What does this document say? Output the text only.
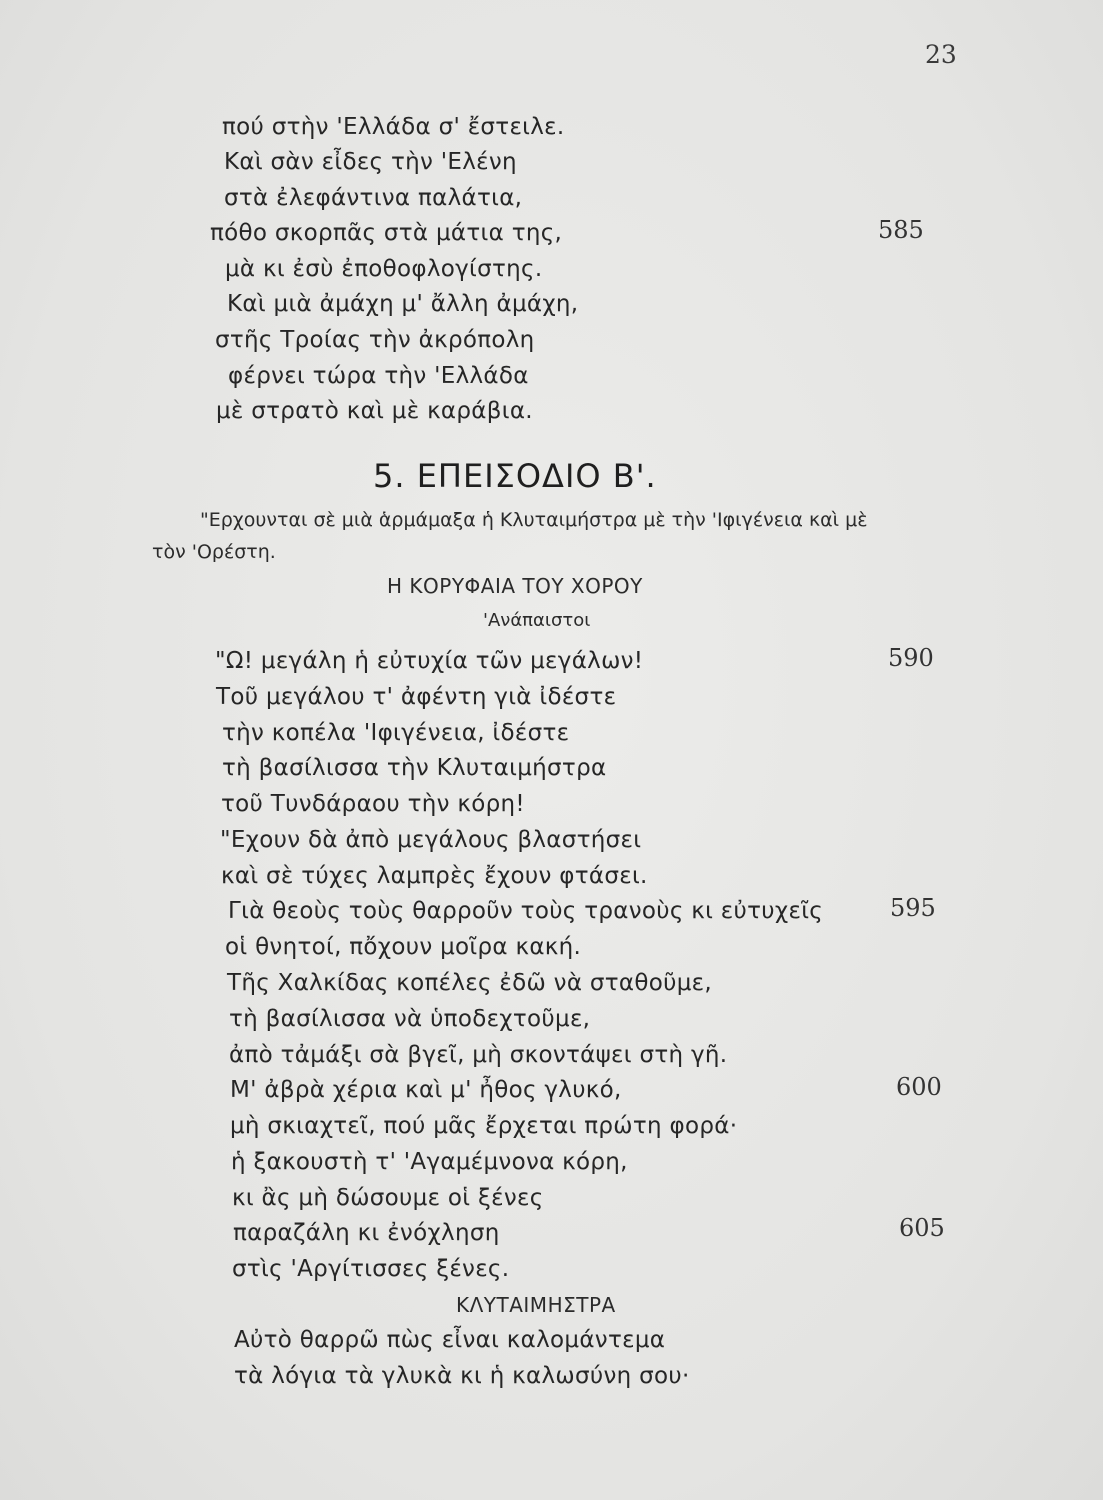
23
πού στὴν 'Ελλάδα σ' ἔστειλε.
Καὶ σὰν εἶδες τὴν 'Ελένη
στὰ ἐλεφάντινα παλάτια,
πόθο σκορπᾶς στὰ μάτια της,	585
μὰ κι ἐσὺ ἐποθοφλογίστης.
Καὶ μιὰ ἀμάχη μ' ἄλλη ἀμάχη,
στῆς Τροίας τὴν ἀκρόπολη
φέρνει τώρα τὴν 'Ελλάδα
μὲ στρατὸ καὶ μὲ καράβια.
5. ΕΠΕΙΣΟΔΙΟ Β'.
"Ερχουνται σὲ μιὰ ἁρμάμαξα ἡ Κλυταιμήστρα μὲ τὴν 'Ιφιγένεια καὶ μὲ
τὸν 'Ορέστη.
Η ΚΟΡΥΦΑΙΑ ΤΟΥ ΧΟΡΟΥ
'Ανάπαιστοι
"Ω! μεγάλη ἡ εὐτυχία τῶν μεγάλων!	590
Τοῦ μεγάλου τ' ἀφέντη γιὰ ἰδέστε
τὴν κοπέλα 'Ιφιγένεια, ἰδέστε
τὴ βασίλισσα τὴν Κλυταιμήστρα
τοῦ Τυνδάραου τὴν κόρη!
"Εχουν δὰ ἀπὸ μεγάλους βλαστήσει
καὶ σὲ τύχες λαμπρὲς ἔχουν φτάσει.
Γιὰ θεοὺς τοὺς θαρροῦν τοὺς τρανοὺς κι εὐτυχεῖς	595
οἱ θνητοί, πὄχουν μοῖρα κακή.
Τῆς Χαλκίδας κοπέλες ἐδῶ νὰ σταθοῦμε,
τὴ βασίλισσα νὰ ὑποδεχτοῦμε,
ἀπὸ τἀμάξι σὰ βγεῖ, μὴ σκοντάψει στὴ γῆ.
Μ' ἀβρὰ χέρια καὶ μ' ἦθος γλυκό,	600
μὴ σκιαχτεῖ, πού μᾶς ἔρχεται πρώτη φορά·
ἡ ξακουστὴ τ' 'Αγαμέμνονα κόρη,
κι ἂς μὴ δώσουμε οἱ ξένες
παραζάλη κι ἐνόχληση	605
στὶς 'Αργίτισσες ξένες.
ΚΛΥΤΑΙΜΗΣΤΡΑ
Αὐτὸ θαρρῶ πὼς εἶναι καλομάντεμα
τὰ λόγια τὰ γλυκὰ κι ἡ καλωσύνη σου·
